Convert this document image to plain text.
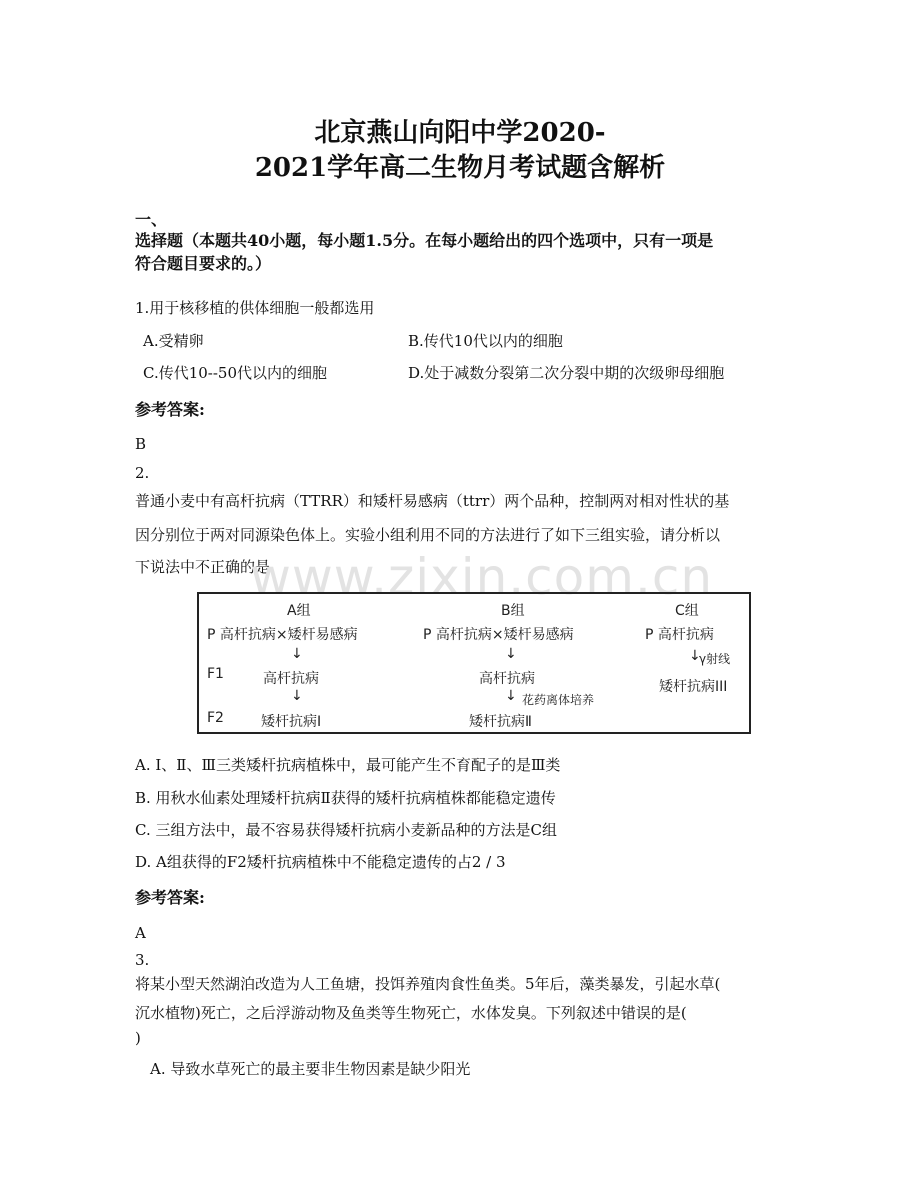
北京燕山向阳中学2020-
2021学年高二生物月考试题含解析
一、
选择题（本题共40小题，每小题1.5分。在每小题给出的四个选项中，只有一项是
符合题目要求的。）
1.用于核移植的供体细胞一般都选用
A.受精卵	B.传代10代以内的细胞
C.传代10--50代以内的细胞	D.处于减数分裂第二次分裂中期的次级卵母细胞
参考答案:
B
2.
普通小麦中有高杆抗病（TTRR）和矮杆易感病（ttrr）两个品种，控制两对相对性状的基
因分别位于两对同源染色体上。实验小组利用不同的方法进行了如下三组实验，请分析以
下说法中不正确的是
www.zixin.com.cn
A组
P 高杆抗病×矮杆易感病
↓
F1	高杆抗病
↓
F2	矮杆抗病Ⅰ
B组
P 高杆抗病×矮杆易感病
↓
高杆抗病
↓ 花药离体培养
矮杆抗病Ⅱ
C组
P 高杆抗病
↓
γ射线
矮杆抗病III
A. Ⅰ、Ⅱ、Ⅲ三类矮杆抗病植株中，最可能产生不育配子的是Ⅲ类
B. 用秋水仙素处理矮杆抗病Ⅱ获得的矮杆抗病植株都能稳定遗传
C. 三组方法中，最不容易获得矮杆抗病小麦新品种的方法是C组
D. A组获得的F2矮杆抗病植株中不能稳定遗传的占2 / 3
参考答案:
A
3.
将某小型天然湖泊改造为人工鱼塘，投饵养殖肉食性鱼类。5年后，藻类暴发，引起水草(
沉水植物)死亡，之后浮游动物及鱼类等生物死亡，水体发臭。下列叙述中错误的是(
)
A. 导致水草死亡的最主要非生物因素是缺少阳光
